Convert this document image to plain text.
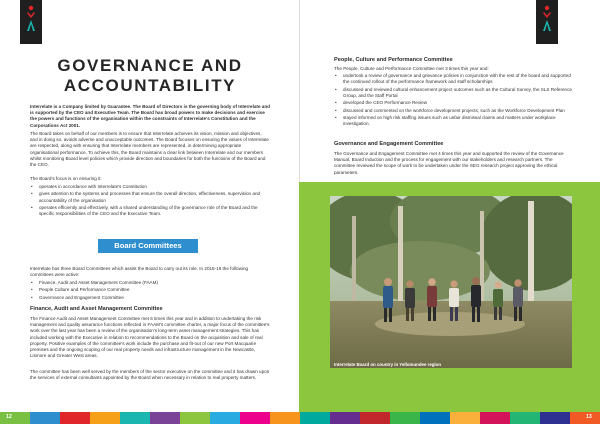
GOVERNANCE AND ACCOUNTABILITY

Interrelate is a Company limited by Guarantee. The Board of Directors is the governing body of Interrelate and is supported by the CEO and Executive Team. The Board has broad powers to make decisions and exercise the powers and functions of the organisation within the constraints of Interrelate's Constitution and the Corporations Act 2001.

The Board takes on behalf of our members is to ensure that Interrelate achieves its vision, mission and objectives, and in doing so, avoids adverse and unacceptable outcomes. The Board focuses on ensuring the values of Interrelate are respected, along with ensuring that Interrelate members are represented, in determining appropriate organisational performance. To achieve this, the Board maintains a clear link between Interrelate and our members whilst monitoring Board level policies which provide direction and boundaries for both the functions of the Board and the CEO.

The Board's focus is on ensuring it:

• operates in accordance with Interrelate's Constitution
• gives attention to the systems and processes that ensure the overall direction, effectiveness, supervision and accountability of the organisation
• operates efficiently and effectively, with a shared understanding of the governance role of the Board and the specific responsibilities of the CEO and the Executive Team.
Board Committees

Interrelate has three Board Committees which assist the Board to carry out its role. In 2015-16 the following committees were active:

• Finance, Audit and Asset Management Committee (FAAM)
• People Culture and Performance Committee
• Governance and Engagement Committee
Finance, Audit and Asset Management Committee

The Finance Audit and Asset Management Committee met 6 times this year and in addition to undertaking the risk management and quality assurance functions reflected in FAAM's committee charter, a major focus of the committee's work over the last year has been a review of the organisation's long-term asset management strategies. This has included working with the Executive in relation to recommendations to the Board on the acquisition and sale of real property. Positive examples of the committee's work include the purchase and fit-out of our new Port Macquarie premises and the ongoing scoping of our real property needs and infrastructure management in the Newcastle, Lismore and Greater West areas.

The committee has been well served by the members of the sector executive on the committee and it has drawn upon the services of external consultants appointed by the Board when necessary in relation to real property matters.

People, Culture and Performance Committee

The People, Culture and Performance Committee met 3 times this year and:

• undertook a review of governance and grievance policies in conjunction with the rest of the board and supported the continued rollout of the performance framework and staff scholarships
• discussed and reviewed cultural enhancement project outcomes such as the Cultural Survey, the SLS Reference Group, and the Staff Portal
• developed the CEO Performance Review
• discussed and commented on the workforce development projects, such as the Workforce Development Plan
• stayed informed on high risk staffing issues such as unfair dismissal claims and matters under workplace investigation.
Governance and Engagement Committee

The Governance and Engagement Committee met 4 times this year and supported the review of the Governance Manual, Board Induction and the process for engagement with our stakeholders and research partners. The committee reviewed the scope of work to be undertaken under the SEG research project approving the ethical parameters.

Interrelate Board on country in Yellomundee region

12	13
